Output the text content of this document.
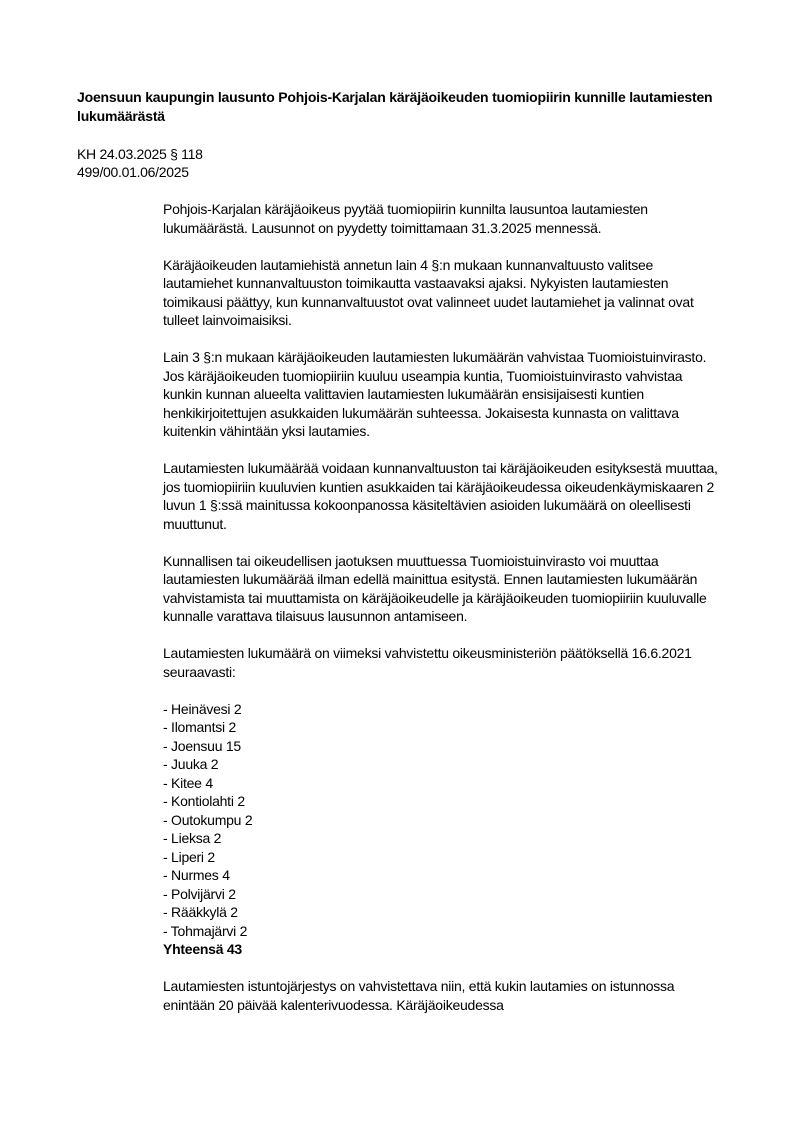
Joensuun kaupungin lausunto Pohjois-Karjalan käräjäoikeuden tuomiopiirin kunnille lautamiesten lukumäärästä
KH 24.03.2025 § 118
499/00.01.06/2025

Pohjois-Karjalan käräjäoikeus pyytää tuomiopiirin kunnilta lausuntoa lautamiesten lukumäärästä. Lausunnot on pyydetty toimittamaan 31.3.2025 mennessä.

Käräjäoikeuden lautamiehistä annetun lain 4 §:n mukaan kunnanvaltuusto valitsee lautamiehet kunnanvaltuuston toimikautta vastaavaksi ajaksi. Nykyisten lautamiesten toimikausi päättyy, kun kunnanvaltuustot ovat valinneet uudet lautamiehet ja valinnat ovat tulleet lainvoimaisiksi.

Lain 3 §:n mukaan käräjäoikeuden lautamiesten lukumäärän vahvistaa Tuomioistuinvirasto. Jos käräjäoikeuden tuomiopiiriin kuuluu useampia kuntia, Tuomioistuinvirasto vahvistaa kunkin kunnan alueelta valittavien lautamiesten lukumäärän ensisijaisesti kuntien henkikirjoitettujen asukkaiden lukumäärän suhteessa. Jokaisesta kunnasta on valittava kuitenkin vähintään yksi lautamies.

Lautamiesten lukumäärää voidaan kunnanvaltuuston tai käräjäoikeuden esityksestä muuttaa, jos tuomiopiiriin kuuluvien kuntien asukkaiden tai käräjäoikeudessa oikeudenkäymiskaaren 2 luvun 1 §:ssä mainitussa kokoonpanossa käsiteltävien asioiden lukumäärä on oleellisesti muuttunut.

Kunnallisen tai oikeudellisen jaotuksen muuttuessa Tuomioistuinvirasto voi muuttaa lautamiesten lukumäärää ilman edellä mainittua esitystä. Ennen lautamiesten lukumäärän vahvistamista tai muuttamista on käräjäoikeudelle ja käräjäoikeuden tuomiopiiriin kuuluvalle kunnalle varattava tilaisuus lausunnon antamiseen.

Lautamiesten lukumäärä on viimeksi vahvistettu oikeusministeriön päätöksellä 16.6.2021 seuraavasti:

- Heinävesi 2
- Ilomantsi 2
- Joensuu 15
- Juuka 2
- Kitee 4
- Kontiolahti 2
- Outokumpu 2
- Lieksa 2
- Liperi 2
- Nurmes 4
- Polvijärvi 2
- Rääkkylä 2
- Tohmajärvi 2
Yhteensä 43

Lautamiesten istuntojärjestys on vahvistettava niin, että kukin lautamies on istunnossa enintään 20 päivää kalenterivuodessa. Käräjäoikeudessa
